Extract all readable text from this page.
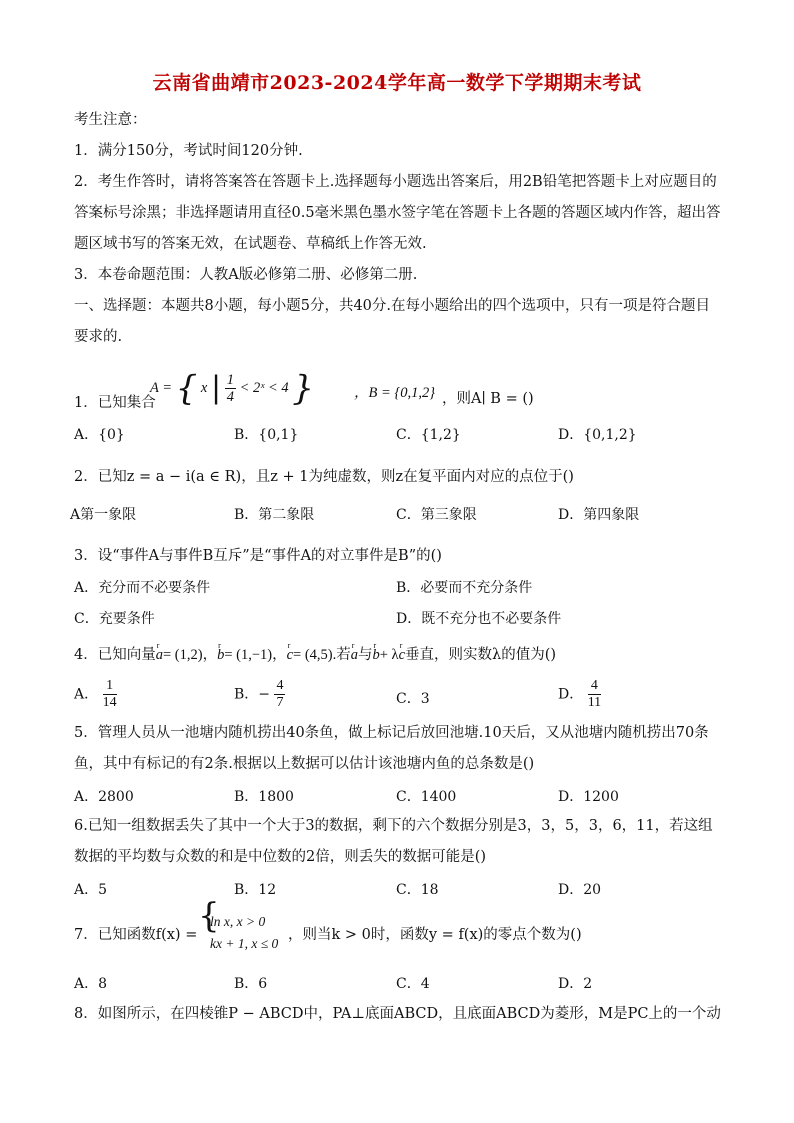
云南省曲靖市2023-2024学年高一数学下学期期末考试
考生注意：
1．满分150分，考试时间120分钟.
2．考生作答时，请将答案答在答题卡上.选择题每小题选出答案后，用2B铅笔把答题卡上对应题目的答案标号涂黑；非选择题请用直径0.5毫米黑色墨水签字笔在答题卡上各题的答题区域内作答，超出答题区域书写的答案无效，在试题卷、草稿纸上作答无效.
3．本卷命题范围：人教A版必修第二册、必修第二册.
一、选择题：本题共8小题，每小题5分，共40分.在每小题给出的四个选项中，只有一项是符合题目要求的.
1．已知集合
A = { x | $\frac{1}{4}$ < 2ˣ < 4 }	，B = {0,1,2} ，则A∣ B = ()
A．{0}	B．{0,1}	C．{1,2}	D．{0,1,2}
2．已知z = a − i(a ∈ R)，且z + 1为纯虚数，则z在复平面内对应的点位于()
A第一象限	B．第二象限	C．第三象限	D．第四象限
3．设“事件A与事件B互斥”是“事件A的对立事件是B”的()
A．充分而不必要条件	B．必要而不充分条件
C．充要条件	D．既不充分也不必要条件
4．已知向量r a= (1,2)，r b= (1,−1)，r c= (4,5).若r a与r b+ λr c垂直，则实数λ的值为()
A． $\frac{1}{14}$	B．− $\frac{4}{7}$	C．3	D． $\frac{4}{11}$
5．管理人员从一池塘内随机捞出40条鱼，做上标记后放回池塘.10天后，又从池塘内随机捞出70条鱼，其中有标记的有2条.根据以上数据可以估计该池塘内鱼的总条数是()
A．2800	B．1800	C．1400	D．1200
6.已知一组数据丢失了其中一个大于3的数据，剩下的六个数据分别是3，3，5，3，6，11，若这组数据的平均数与众数的和是中位数的2倍，则丢失的数据可能是()
A．5	B．12	C．18	D．20
7．已知函数f(x) = {
ln x, x > 0
kx + 1, x ≤ 0
，则当k > 0时，函数y = f(x)的零点个数为()
A．8	B．6	C．4	D．2
8．如图所示，在四棱锥P − ABCD中，PA⊥底面ABCD，且底面ABCD为菱形，M是PC上的一个动
